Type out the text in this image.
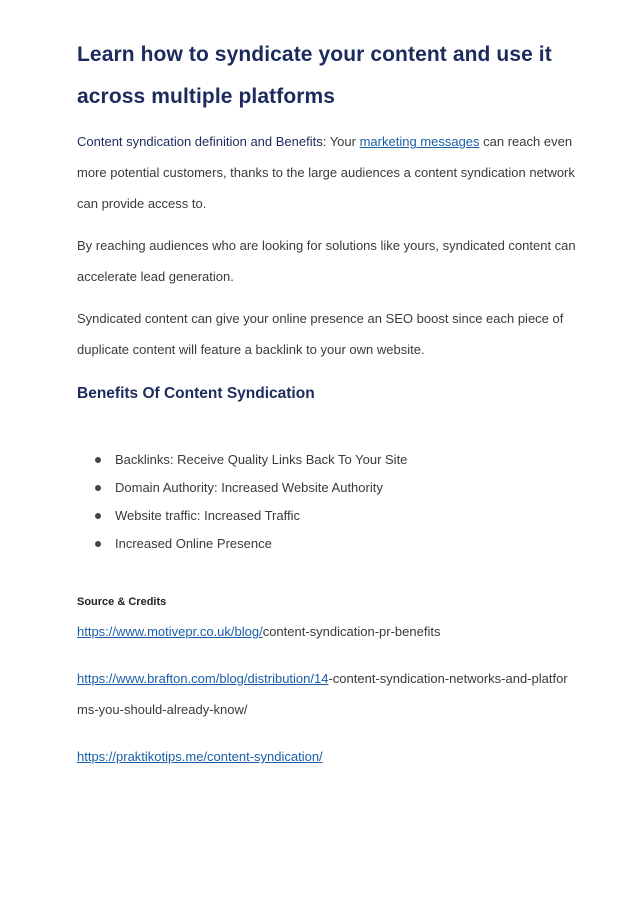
Learn how to syndicate your content and use it across multiple platforms

Content syndication definition and Benefits: Your marketing messages can reach even more potential customers, thanks to the large audiences a content syndication network can provide access to.

By reaching audiences who are looking for solutions like yours, syndicated content can accelerate lead generation.

Syndicated content can give your online presence an SEO boost since each piece of duplicate content will feature a backlink to your own website.

Benefits Of Content Syndication
Backlinks: Receive Quality Links Back To Your Site
Domain Authority: Increased Website Authority
Website traffic: Increased Traffic
Increased Online Presence

Source & Credits

https://www.motivepr.co.uk/blog/content-syndication-pr-benefits

https://www.brafton.com/blog/distribution/14-content-syndication-networks-and-platforms-you-should-already-know/

https://praktikotips.me/content-syndication/
